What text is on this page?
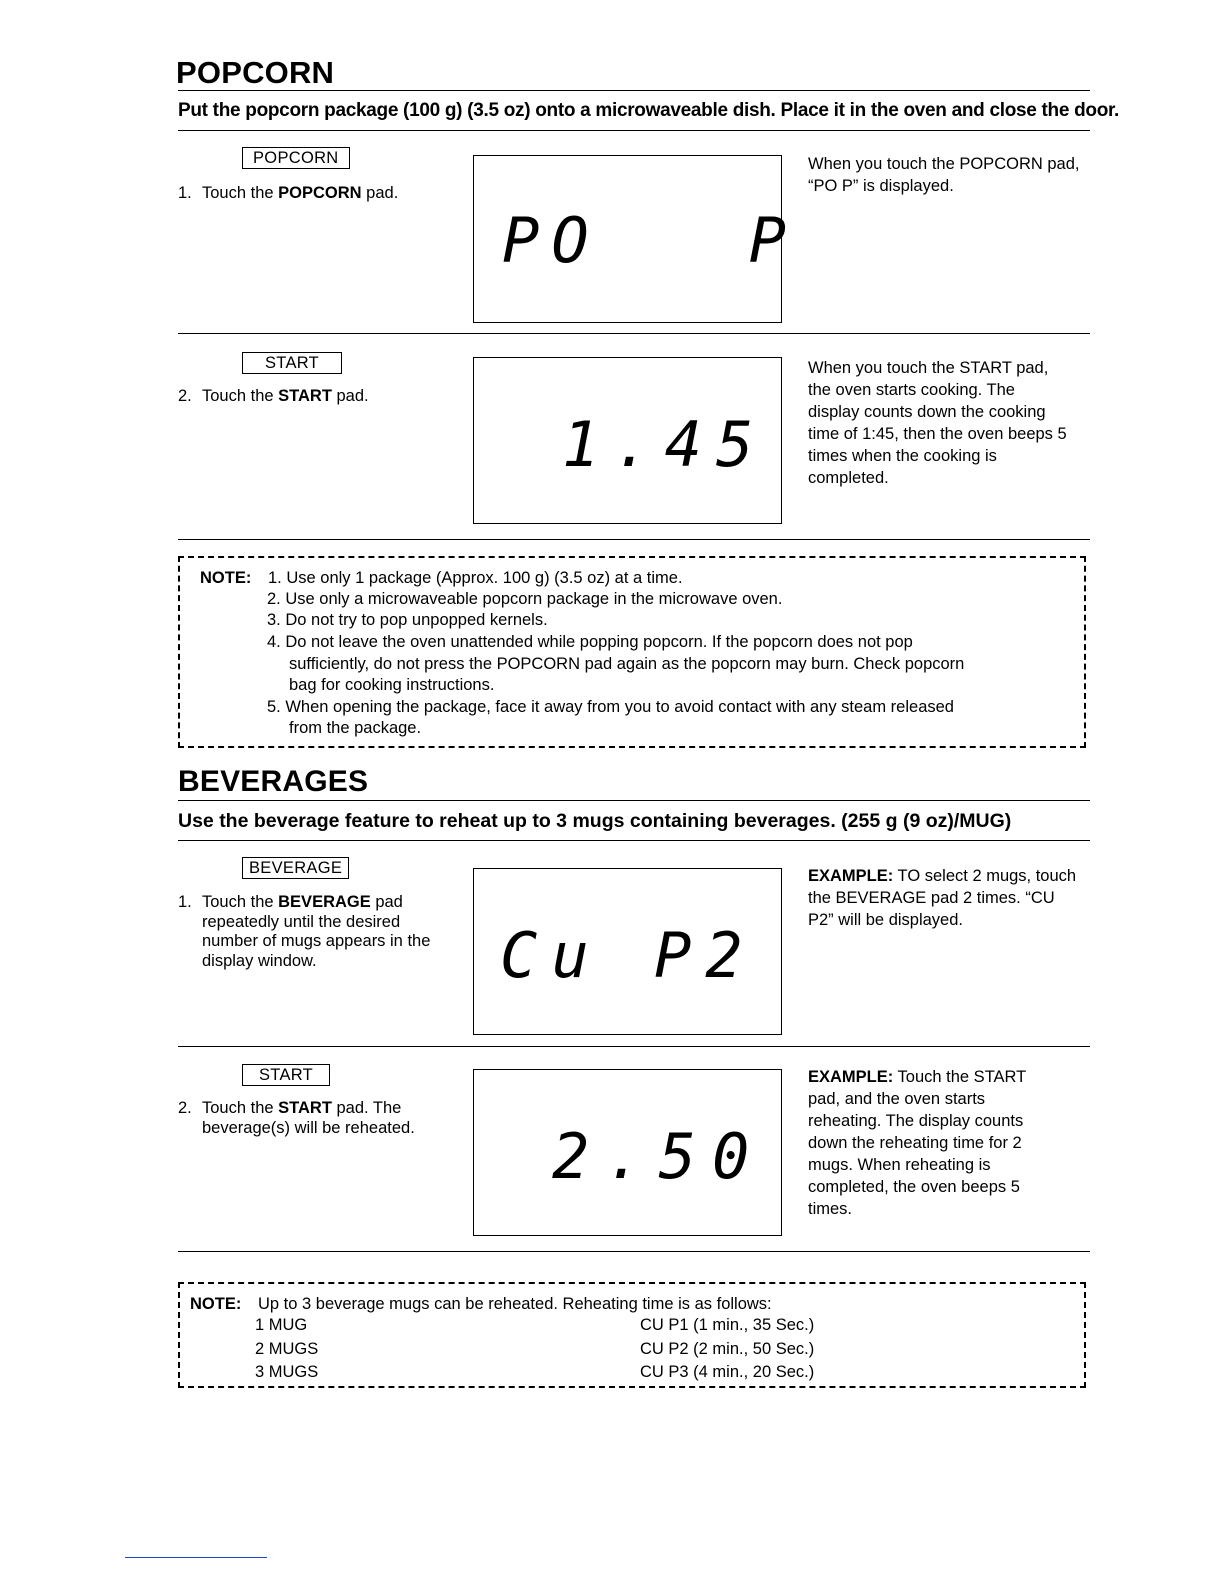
POPCORN
Put the popcorn package (100 g) (3.5 oz) onto a microwaveable dish. Place it in the oven and close the door.
POPCORN
1. Touch the POPCORN pad.
PO   P
When you touch the POPCORN pad, “PO P” is displayed.
START
2. Touch the START pad.
1.45
When you touch the START pad, the oven starts cooking. The display counts down the cooking time of 1:45, then the oven beeps 5 times when the cooking is completed.
NOTE: 1. Use only 1 package (Approx. 100 g) (3.5 oz) at a time.
2. Use only a microwaveable popcorn package in the microwave oven.
3. Do not try to pop unpopped kernels.
4. Do not leave the oven unattended while popping popcorn. If the popcorn does not pop
sufficiently, do not press the POPCORN pad again as the popcorn may burn. Check popcorn
bag for cooking instructions.
5. When opening the package, face it away from you to avoid contact with any steam released
from the package.
BEVERAGES
Use the beverage feature to reheat up to 3 mugs containing beverages. (255 g (9 oz)/MUG)
BEVERAGE
1. Touch the BEVERAGE pad repeatedly until the desired number of mugs appears in the display window.	Cu P2
EXAMPLE: TO select 2 mugs, touch the BEVERAGE pad 2 times. “CU P2” will be displayed.
START
2. Touch the START pad. The beverage(s) will be reheated. 2.50
EXAMPLE: Touch the START pad, and the oven starts reheating. The display counts down the reheating time for 2 mugs. When reheating is completed, the oven beeps 5 times.
NOTE: Up to 3 beverage mugs can be reheated. Reheating time is as follows:
1 MUG	CU P1 (1 min., 35 Sec.)
2 MUGS	CU P2 (2 min., 50 Sec.)
3 MUGS	CU P3 (4 min., 20 Sec.)
